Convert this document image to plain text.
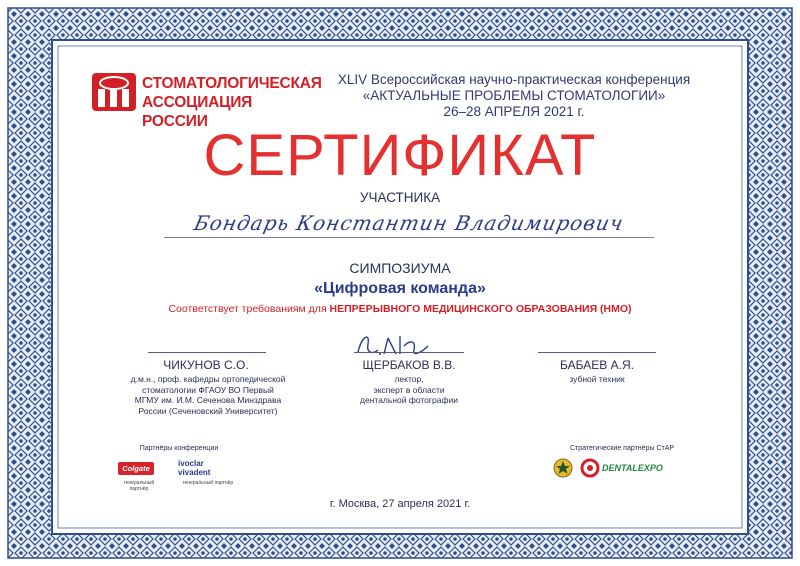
СТОМАТОЛОГИЧЕСКАЯ
АССОЦИАЦИЯ РОССИИ
XLIV Всероссийская научно-практическая конференция
«АКТУАЛЬНЫЕ ПРОБЛЕМЫ СТОМАТОЛОГИИ»
26–28 АПРЕЛЯ 2021 г.
СЕРТИФИКАТ
УЧАСТНИКА
Бондарь Константин Владимирович
СИМПОЗИУМА
«Цифровая команда»
Соответствует требованиям для НЕПРЕРЫВНОГО МЕДИЦИНСКОГО ОБРАЗОВАНИЯ (НМО)
ЧИКУНОВ С.О.
д.м.н., проф. кафедры ортопедической
стоматологии ФГАОУ ВО Первый
МГМУ им. И.М. Сеченова Минздрава
России (Сеченовский Университет)
ЩЕРБАКОВ В.В.
лектор,
эксперт в области
дентальной фотографии
БАБАЕВ А.Я.
зубной техник
Партнёры конференции
Colgate
ivoclar
vivadent
генеральный партнёр
генеральный партнёр
Стратегические партнёры СтАР
DENTALEXPO
г. Москва, 27 апреля 2021 г.
